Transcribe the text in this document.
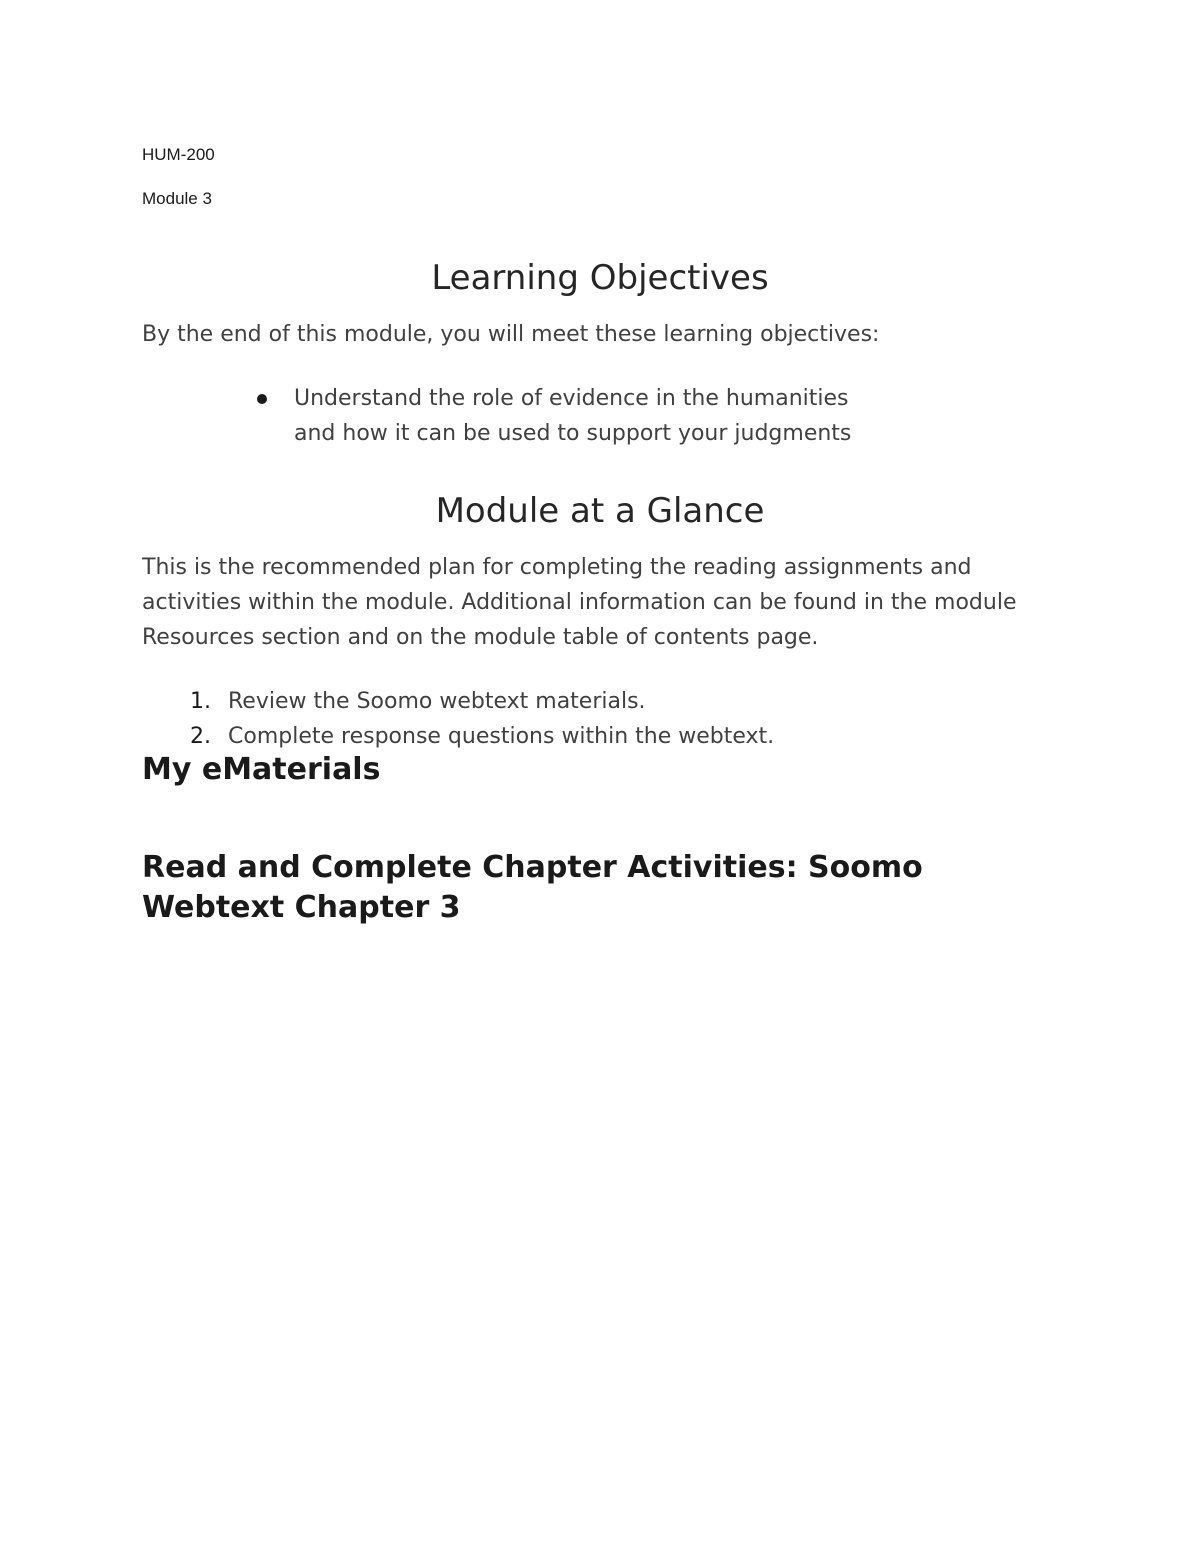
HUM-200

Module 3

Learning Objectives

By the end of this module, you will meet these learning objectives:

Understand the role of evidence in the humanities and how it can be used to support your judgments
Module at a Glance

This is the recommended plan for completing the reading assignments and activities within the module. Additional information can be found in the module Resources section and on the module table of contents page.

1. Review the Soomo webtext materials.
2. Complete response questions within the webtext.
My eMaterials
Read and Complete Chapter Activities: Soomo Webtext Chapter 3
